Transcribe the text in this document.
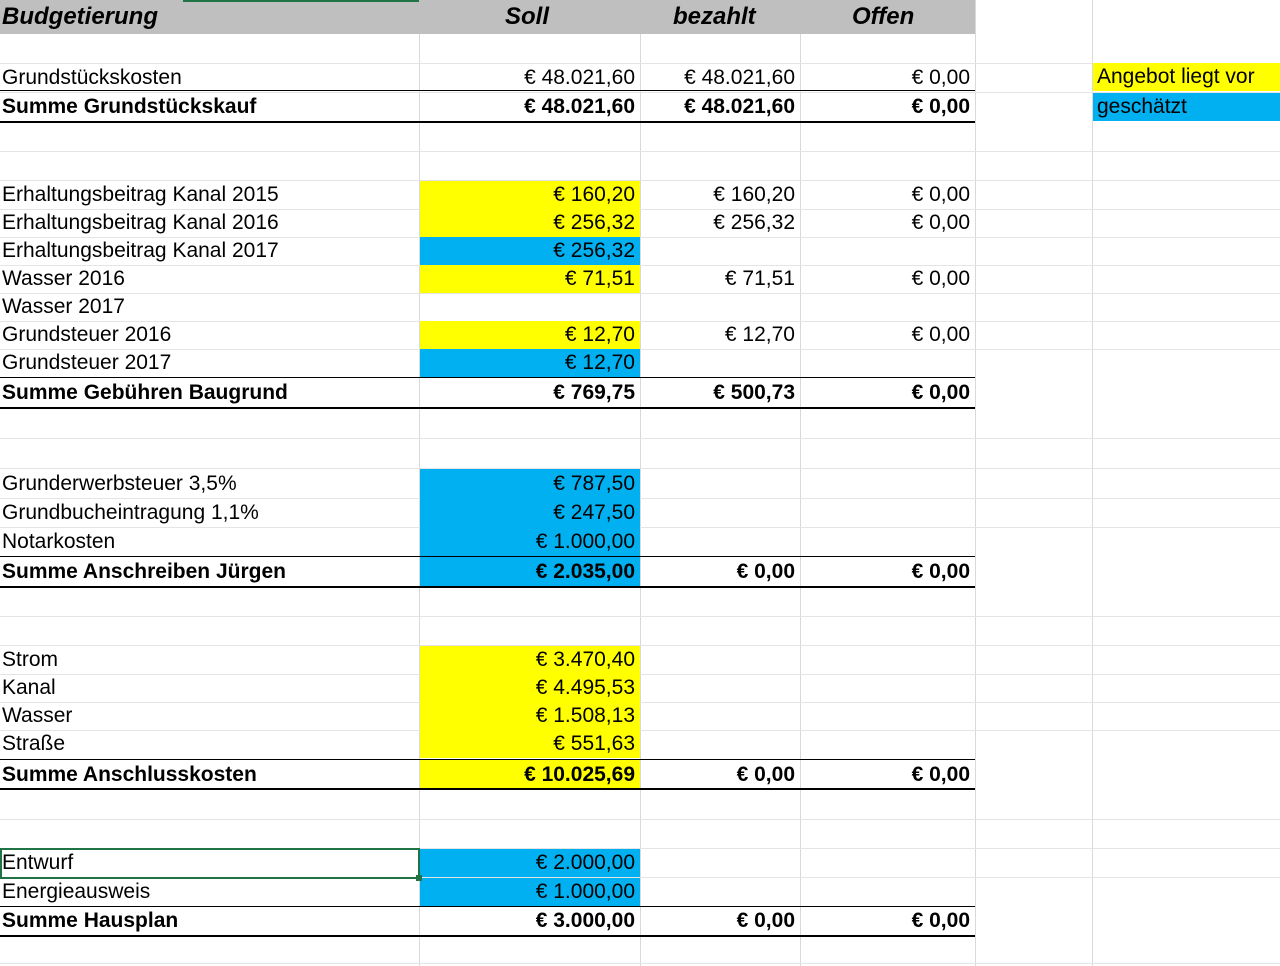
Budgetierung	Soll	bezahlt	Offen
Grundstückskosten	€ 48.021,60	€ 48.021,60	€ 0,00	Angebot liegt vor
Summe Grundstückskauf	€ 48.021,60	€ 48.021,60	€ 0,00	geschätzt
Erhaltungsbeitrag Kanal 2015	€ 160,20	€ 160,20	€ 0,00
Erhaltungsbeitrag Kanal 2016	€ 256,32	€ 256,32	€ 0,00
Erhaltungsbeitrag Kanal 2017	€ 256,32
Wasser 2016	€ 71,51	€ 71,51	€ 0,00
Wasser 2017
Grundsteuer 2016	€ 12,70	€ 12,70	€ 0,00
Grundsteuer 2017	€ 12,70
Summe Gebühren Baugrund	€ 769,75	€ 500,73	€ 0,00
Grunderwerbsteuer 3,5%	€ 787,50
Grundbucheintragung 1,1%	€ 247,50
Notarkosten	€ 1.000,00
Summe Anschreiben Jürgen	€ 2.035,00	€ 0,00	€ 0,00
Strom	€ 3.470,40
Kanal	€ 4.495,53
Wasser	€ 1.508,13
Straße	€ 551,63
Summe Anschlusskosten	€ 10.025,69	€ 0,00	€ 0,00
Entwurf	€ 2.000,00
Energieausweis	€ 1.000,00
Summe Hausplan	€ 3.000,00	€ 0,00	€ 0,00
